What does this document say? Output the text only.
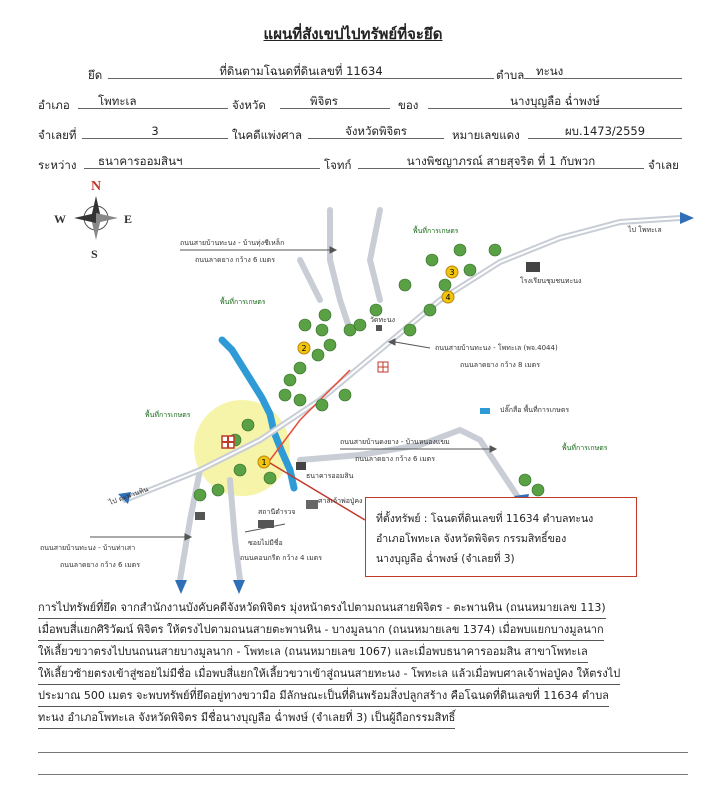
แผนที่สังเขปไปทรัพย์ที่จะยึด
ยึด	ที่ดินตามโฉนดที่ดินเลขที่ 11634	ตำบล	ทะนง
อำเภอ	โพทะเล	จังหวัด	พิจิตร	ของ	นางบุญลือ ฉ่ำพงษ์
จำเลยที่	3	ในคดีแพ่งศาล	จังหวัดพิจิตร	หมายเลขแดง	ผบ.1473/2559
ระหว่าง	ธนาคารออมสินฯ	โจทก์	นางพิชญาภรณ์ สายสุจริต ที่ 1 กับพวก	จำเลย
N
S
W	E
1
2
3
4
ถนนสายบ้านทะนง - บ้านทุ่งชีเหล็ก
ถนนลาดยาง กว้าง 6 เมตร
พื้นที่การเกษตร	ไป โพทะเล
โรงเรียนชุมชนทะนง
พื้นที่การเกษตร
ถนนสายบ้านทะนง - โพทะเล (พจ.4044)
ถนนลาดยาง กว้าง 8 เมตร
วัดทะนง
พื้นที่การเกษตร
ถนนสายบ้านดงยาง - บ้านหนองแขม
ถนนลาดยาง กว้าง 6 เมตร
พื้นที่การเกษตร
ปลั๊กสื่อ พื้นที่การเกษตร
ธนาคารออมสิน
ศาลเจ้าพ่อปู่คง
ไป ตะพานหิน
ถนนสายบ้านทะนง - บ้านท่าเสา
ถนนลาดยาง กว้าง 6 เมตร
ซอยไม่มีชื่อ
ถนนคอนกรีต กว้าง 4 เมตร
สถานีตำรวจ

ที่ตั้งทรัพย์ : โฉนดที่ดินเลขที่ 11634 ตำบลทะนง

อำเภอโพทะเล จังหวัดพิจิตร กรรมสิทธิ์ของ

นางบุญลือ ฉ่ำพงษ์ (จำเลยที่ 3)

การไปทรัพย์ที่ยึด จากสำนักงานบังคับคดีจังหวัดพิจิตร มุ่งหน้าตรงไปตามถนนสายพิจิตร - ตะพานหิน (ถนนหมายเลข 113)
เมื่อพบสี่แยกศิริวัฒน์ พิจิตร ให้ตรงไปตามถนนสายตะพานหิน - บางมูลนาก (ถนนหมายเลข 1374) เมื่อพบแยกบางมูลนาก
ให้เลี้ยวขวาตรงไปบนถนนสายบางมูลนาก - โพทะเล (ถนนหมายเลข 1067) และเมื่อพบธนาคารออมสิน สาขาโพทะเล
ให้เลี้ยวซ้ายตรงเข้าสู่ซอยไม่มีชื่อ เมื่อพบสี่แยกให้เลี้ยวขวาเข้าสู่ถนนสายทะนง - โพทะเล แล้วเมื่อพบศาลเจ้าพ่อปู่คง ให้ตรงไป
ประมาณ 500 เมตร จะพบทรัพย์ที่ยึดอยู่ทางขวามือ มีลักษณะเป็นที่ดินพร้อมสิ่งปลูกสร้าง คือโฉนดที่ดินเลขที่ 11634 ตำบล
ทะนง อำเภอโพทะเล จังหวัดพิจิตร มีชื่อนางบุญลือ ฉ่ำพงษ์ (จำเลยที่ 3) เป็นผู้ถือกรรมสิทธิ์
